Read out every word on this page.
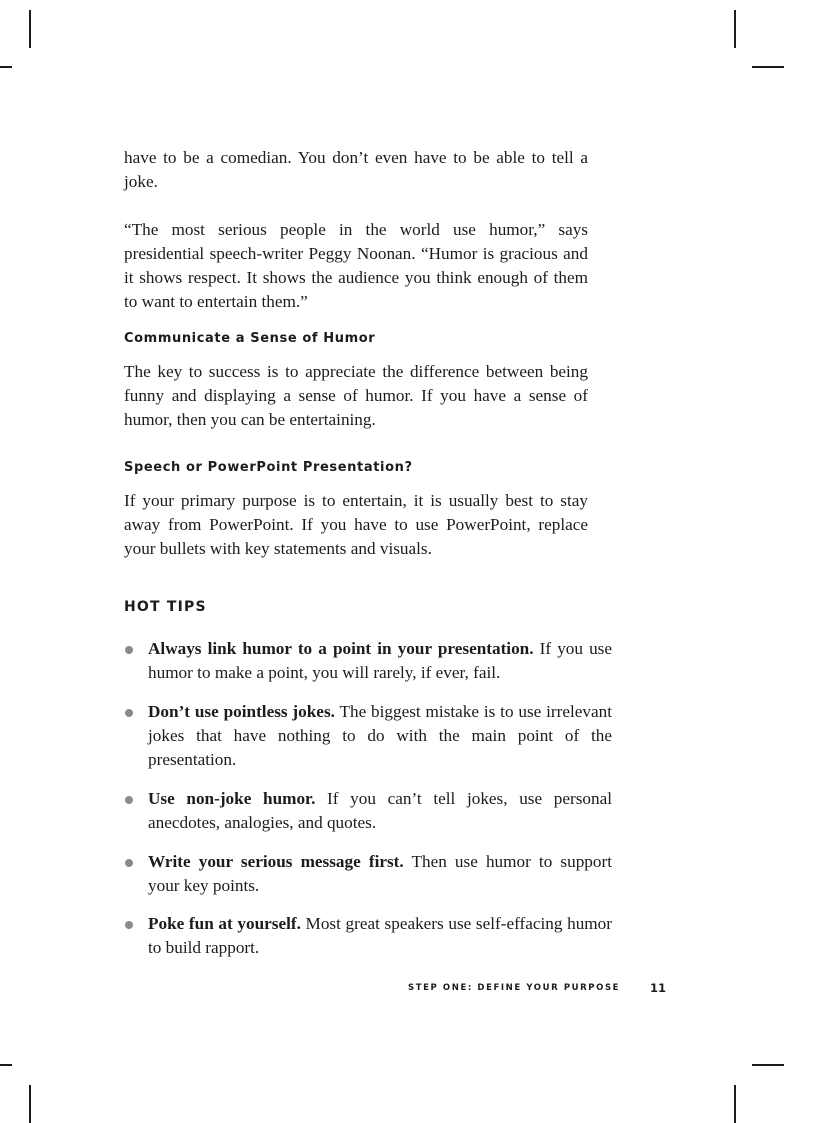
have to be a comedian. You don’t even have to be able to tell a joke.

“The most serious people in the world use humor,” says presidential speech-writer Peggy Noonan. “Humor is gracious and it shows respect. It shows the audience you think enough of them to want to entertain them.”

Communicate a Sense of Humor

The key to success is to appreciate the difference between being funny and displaying a sense of humor. If you have a sense of humor, then you can be entertaining.

Speech or PowerPoint Presentation?

If your primary purpose is to entertain, it is usually best to stay away from PowerPoint. If you have to use PowerPoint, replace your bullets with key statements and visuals.

HOT TIPS
Always link humor to a point in your presentation. If you use humor to make a point, you will rarely, if ever, fail.
Don’t use pointless jokes. The biggest mistake is to use irrelevant jokes that have nothing to do with the main point of the presentation.
Use non-joke humor. If you can’t tell jokes, use personal anecdotes, analogies, and quotes.
Write your serious message first. Then use humor to support your key points.
Poke fun at yourself. Most great speakers use self-effacing humor to build rapport.
STEP ONE: DEFINE YOUR PURPOSE	11
